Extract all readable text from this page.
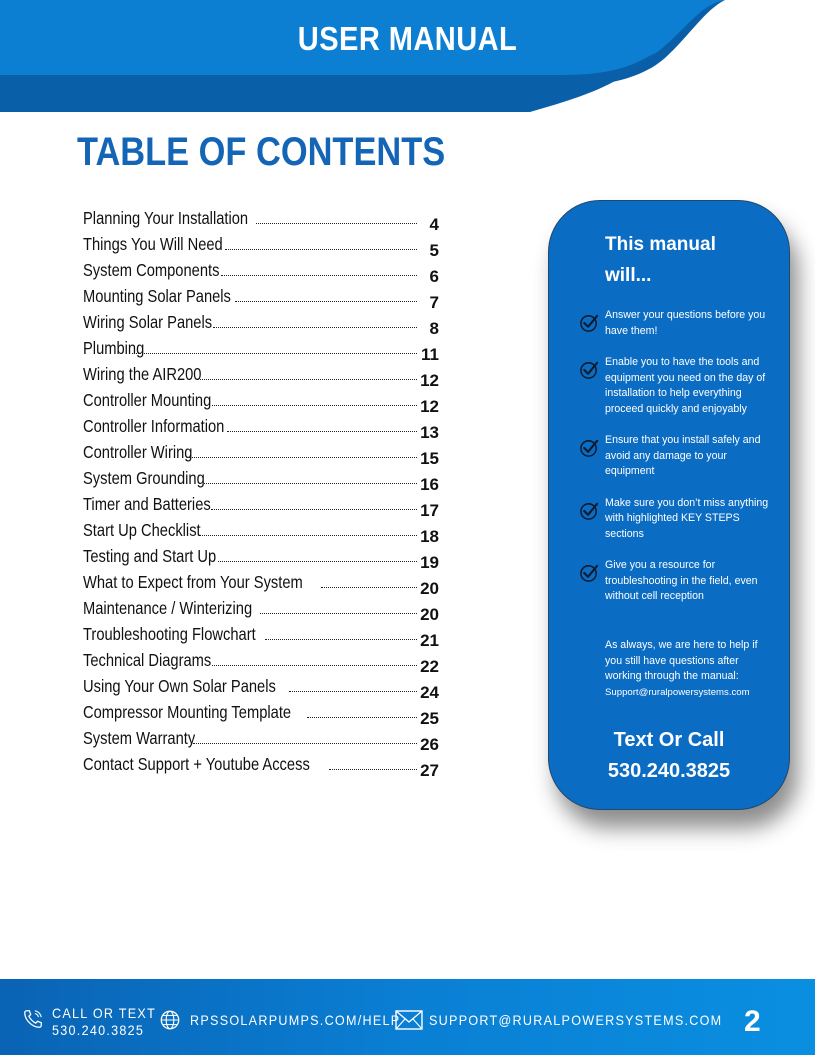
USER MANUAL
TABLE OF CONTENTS
Planning Your Installation	4
Things You Will Need	5
System Components	6
Mounting Solar Panels	7
Wiring Solar Panels	8
Plumbing	11
Wiring the AIR200	12
Controller Mounting	12
Controller Information	13
Controller Wiring	15
System Grounding	16
Timer and Batteries	17
Start Up Checklist	18
Testing and Start Up	19
What to Expect from Your System	20
Maintenance / Winterizing	20
Troubleshooting Flowchart	21
Technical Diagrams	22
Using Your Own Solar Panels	24
Compressor Mounting Template	25
System Warranty	26
Contact Support + Youtube Access	27
This manual will...
Answer your questions before you have them!
Enable you to have the tools and equipment you need on the day of installation to help everything proceed quickly and enjoyably
Ensure that you install safely and avoid any damage to your equipment
Make sure you don’t miss anything with highlighted KEY STEPS sections
Give you a resource for troubleshooting in the field, even without cell reception
As always, we are here to help if you still have questions after working through the manual:
Support@ruralpowersystems.com
Text Or Call
530.240.3825
CALL OR TEXT
530.240.3825
RPSSOLARPUMPS.COM/HELP	SUPPORT@RURALPOWERSYSTEMS.COM 2
